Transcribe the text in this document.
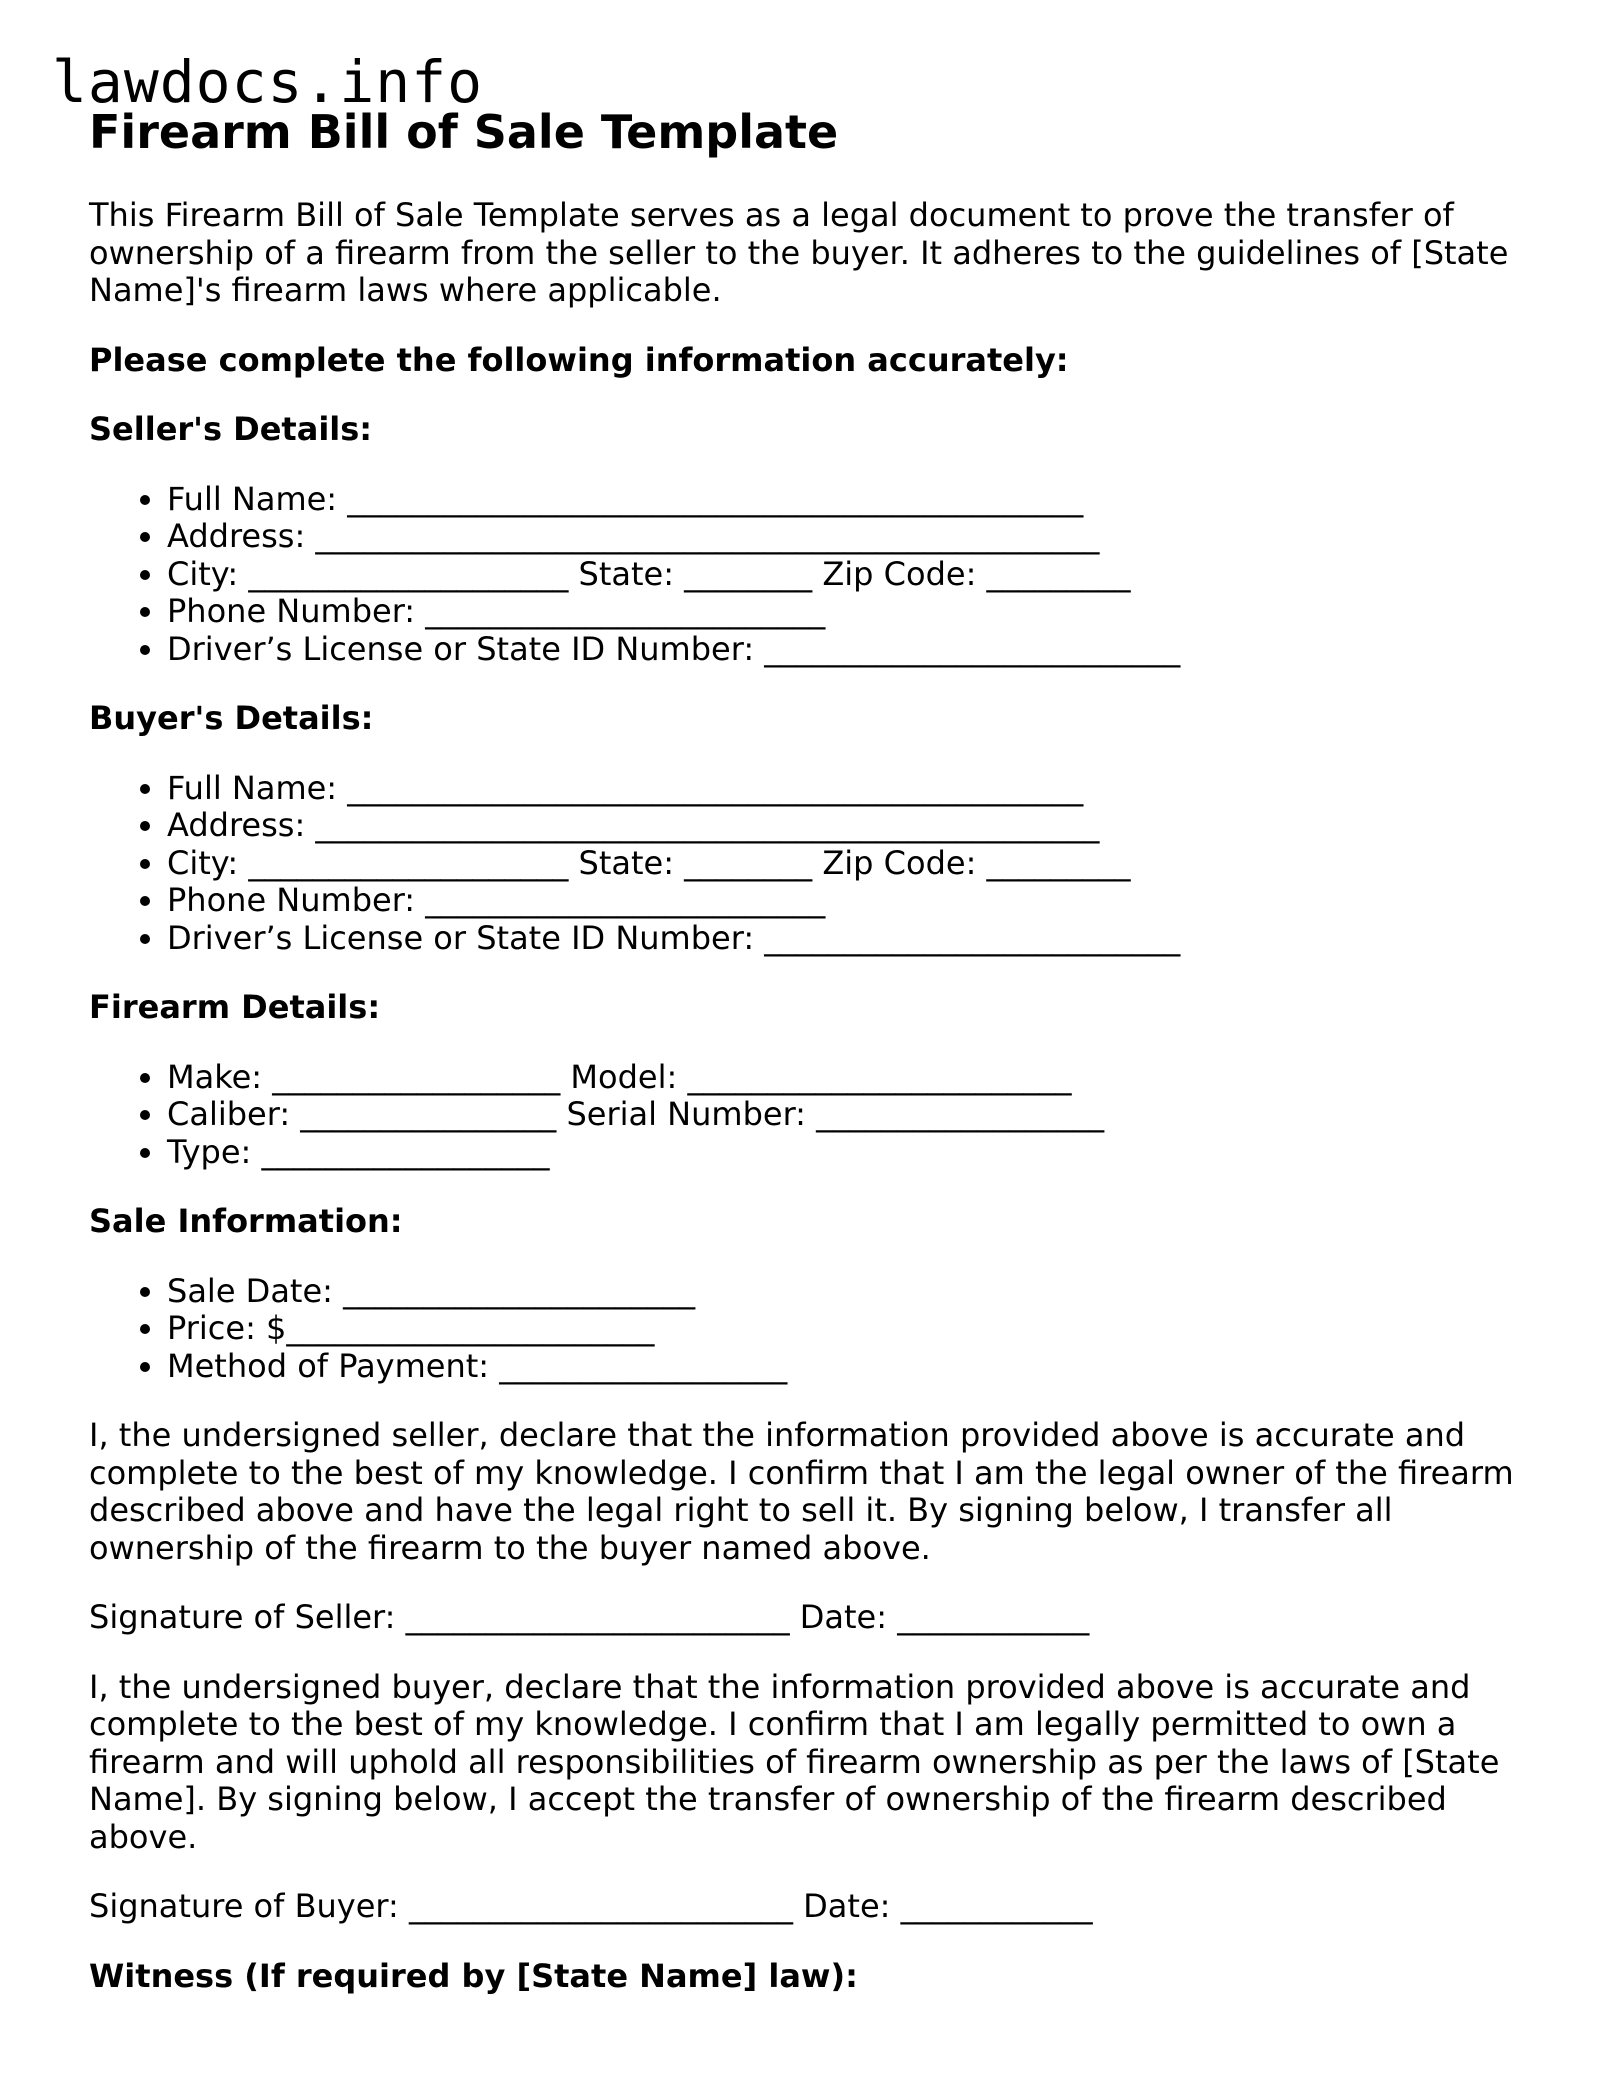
lawdocs.info
Firearm Bill of Sale Template

This Firearm Bill of Sale Template serves as a legal document to prove the transfer of ownership of a firearm from the seller to the buyer. It adheres to the guidelines of [State Name]'s firearm laws where applicable.

Please complete the following information accurately:

Seller's Details:

• Full Name: ______________________________________________
• Address: _________________________________________________
• City: ____________________ State: ________ Zip Code: _________
• Phone Number: _________________________
• Driver’s License or State ID Number: __________________________

Buyer's Details:

• Full Name: ______________________________________________
• Address: _________________________________________________
• City: ____________________ State: ________ Zip Code: _________
• Phone Number: _________________________
• Driver’s License or State ID Number: __________________________

Firearm Details:

• Make: __________________ Model: ________________________
• Caliber: ________________ Serial Number: __________________
• Type: __________________

Sale Information:

• Sale Date: ______________________
• Price: $_______________________
• Method of Payment: __________________

I, the undersigned seller, declare that the information provided above is accurate and complete to the best of my knowledge. I confirm that I am the legal owner of the firearm described above and have the legal right to sell it. By signing below, I transfer all ownership of the firearm to the buyer named above.

Signature of Seller: ________________________ Date: ____________

I, the undersigned buyer, declare that the information provided above is accurate and complete to the best of my knowledge. I confirm that I am legally permitted to own a firearm and will uphold all responsibilities of firearm ownership as per the laws of [State Name]. By signing below, I accept the transfer of ownership of the firearm described above.

Signature of Buyer: ________________________ Date: ____________

Witness (If required by [State Name] law):
